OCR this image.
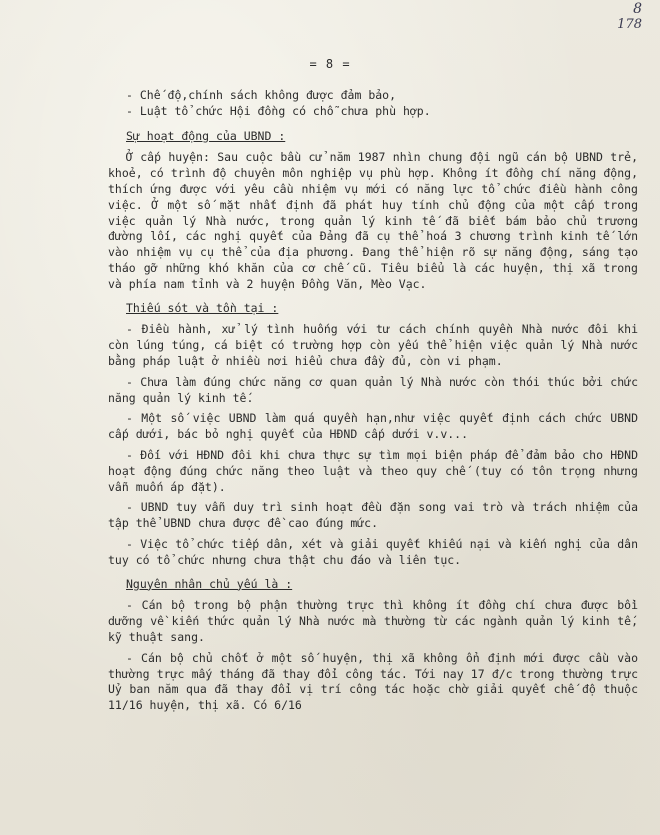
8
178
= 8 =

- Chế độ,chính sách không được đảm bảo,

- Luật tổ chức Hội đồng có chỗ chưa phù hợp.

Sự hoạt động của UBND :

Ở cấp huyện: Sau cuộc bầu cử năm 1987 nhìn chung đội ngũ cán bộ UBND trẻ, khoẻ, có trình độ chuyên môn nghiệp vụ phù hợp. Không ít đồng chí năng động, thích ứng được với yêu cầu nhiệm vụ mới có năng lực tổ chức điều hành công việc. Ở một số mặt nhất định đã phát huy tính chủ động của một cấp trong việc quản lý Nhà nước, trong quản lý kinh tế đã biết bám bảo chủ trương đường lối, các nghị quyết của Đảng đã cụ thể hoá 3 chương trình kinh tế lớn vào nhiệm vụ cụ thể của địa phương. Đang thể hiện rõ sự năng động, sáng tạo tháo gỡ những khó khăn của cơ chế cũ. Tiêu biểu là các huyện, thị xã trong và phía nam tỉnh và 2 huyện Đồng Văn, Mèo Vạc.

Thiếu sót và tồn tại :

- Điều hành, xử lý tình huống với tư cách chính quyền Nhà nước đôi khi còn lúng túng, cá biệt có trường hợp còn yếu thể hiện việc quản lý Nhà nước bằng pháp luật ở nhiều nơi hiểu chưa đầy đủ, còn vi phạm.

- Chưa làm đúng chức năng cơ quan quản lý Nhà nước còn thói thúc bởi chức năng quản lý kinh tế.

- Một số việc UBND làm quá quyền hạn,như việc quyết định cách chức UBND cấp dưới, bác bỏ nghị quyết của HĐND cấp dưới v.v...

- Đối với HĐND đôi khi chưa thực sự tìm mọi biện pháp để đảm bảo cho HĐND hoạt động đúng chức năng theo luật và theo quy chế (tuy có tôn trọng nhưng vẫn muốn áp đặt).

- UBND tuy vẫn duy trì sinh hoạt đều đặn song vai trò và trách nhiệm của tập thể UBND chưa được đề cao đúng mức.

- Việc tổ chức tiếp dân, xét và giải quyết khiếu nại và kiến nghị của dân tuy có tổ chức nhưng chưa thật chu đáo và liên tục.

Nguyên nhân chủ yếu là :

- Cán bộ trong bộ phận thường trực thì không ít đồng chí chưa được bồi dưỡng về kiến thức quản lý Nhà nước mà thường từ các ngành quản lý kinh tế, kỹ thuật sang.

- Cán bộ chủ chốt ở một số huyện, thị xã không ổn định mới được cầu vào thường trực mấy tháng đã thay đổi công tác. Tới nay 17 đ/c trong thường trực Uỷ ban năm qua đã thay đổi vị trí công tác hoặc chờ giải quyết chế độ thuộc 11/16 huyện, thị xã. Có 6/16
